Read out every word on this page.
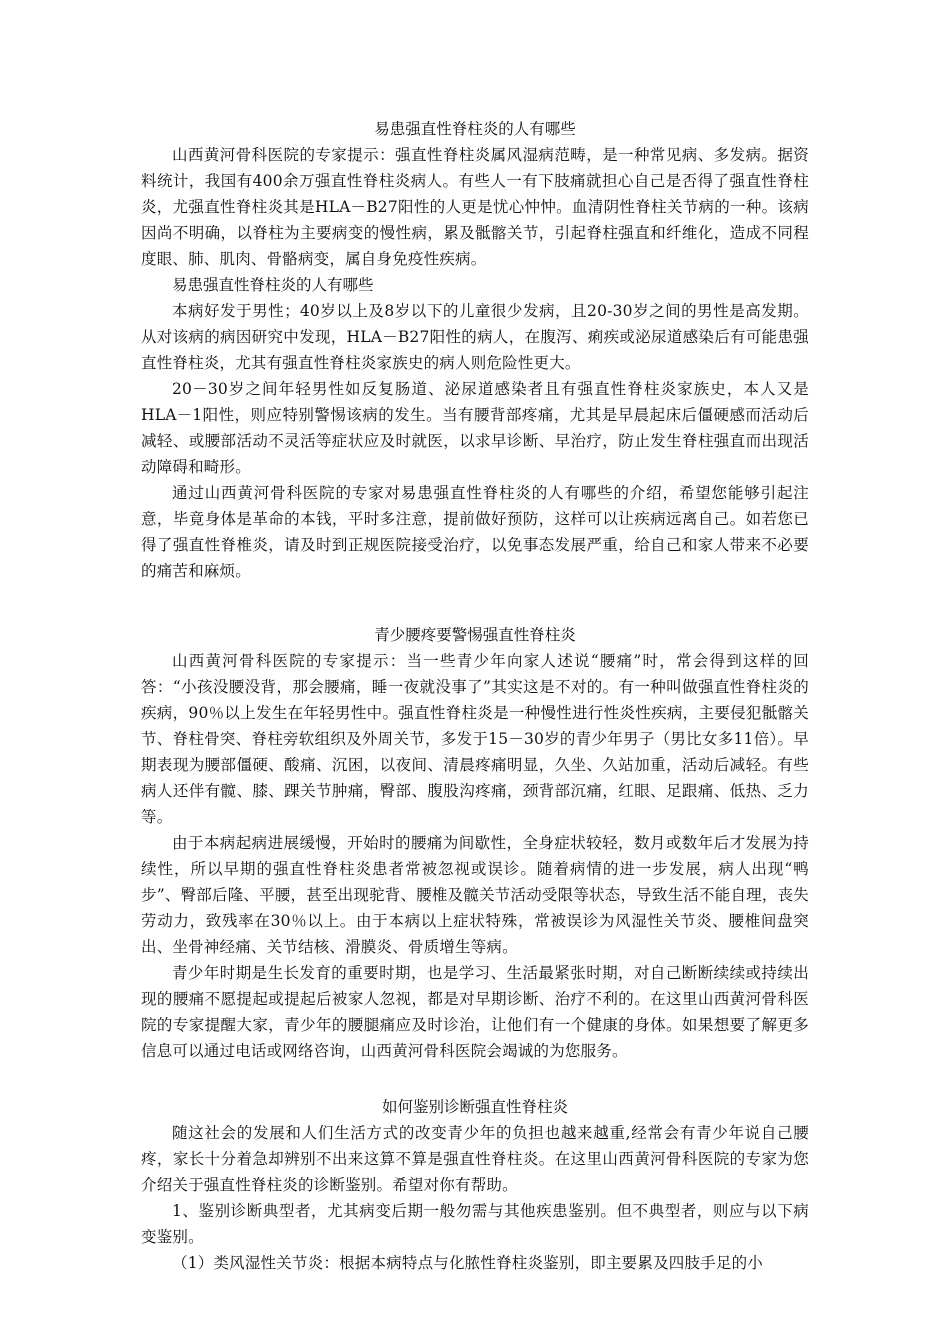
易患强直性脊柱炎的人有哪些

山西黄河骨科医院的专家提示：强直性脊柱炎属风湿病范畴，是一种常见病、多发病。据资料统计，我国有400余万强直性脊柱炎病人。有些人一有下肢痛就担心自己是否得了强直性脊柱炎，尤强直性脊柱炎其是HLA－B27阳性的人更是忧心忡忡。血清阴性脊柱关节病的一种。该病因尚不明确，以脊柱为主要病变的慢性病，累及骶髂关节，引起脊柱强直和纤维化，造成不同程度眼、肺、肌肉、骨骼病变，属自身免疫性疾病。

易患强直性脊柱炎的人有哪些

本病好发于男性；40岁以上及8岁以下的儿童很少发病，且20-30岁之间的男性是高发期。从对该病的病因研究中发现，HLA－B27阳性的病人，在腹泻、痢疾或泌尿道感染后有可能患强直性脊柱炎，尤其有强直性脊柱炎家族史的病人则危险性更大。

20－30岁之间年轻男性如反复肠道、泌尿道感染者且有强直性脊柱炎家族史，本人又是HLA－1阳性，则应特别警惕该病的发生。当有腰背部疼痛，尤其是早晨起床后僵硬感而活动后减轻、或腰部活动不灵活等症状应及时就医，以求早诊断、早治疗，防止发生脊柱强直而出现活动障碍和畸形。

通过山西黄河骨科医院的专家对易患强直性脊柱炎的人有哪些的介绍，希望您能够引起注意，毕竟身体是革命的本钱，平时多注意，提前做好预防，这样可以让疾病远离自己。如若您已得了强直性脊椎炎，请及时到正规医院接受治疗，以免事态发展严重，给自己和家人带来不必要的痛苦和麻烦。

青少腰疼要警惕强直性脊柱炎

山西黄河骨科医院的专家提示：当一些青少年向家人述说“腰痛”时，常会得到这样的回答：“小孩没腰没背，那会腰痛，睡一夜就没事了”其实这是不对的。有一种叫做强直性脊柱炎的疾病，90％以上发生在年轻男性中。强直性脊柱炎是一种慢性进行性炎性疾病，主要侵犯骶髂关节、脊柱骨突、脊柱旁软组织及外周关节，多发于15－30岁的青少年男子（男比女多11倍）。早期表现为腰部僵硬、酸痛、沉困，以夜间、清晨疼痛明显，久坐、久站加重，活动后减轻。有些病人还伴有髋、膝、踝关节肿痛，臀部、腹股沟疼痛，颈背部沉痛，红眼、足跟痛、低热、乏力等。

由于本病起病进展缓慢，开始时的腰痛为间歇性，全身症状较轻，数月或数年后才发展为持续性，所以早期的强直性脊柱炎患者常被忽视或误诊。随着病情的进一步发展，病人出现“鸭步”、臀部后隆、平腰，甚至出现驼背、腰椎及髋关节活动受限等状态，导致生活不能自理，丧失劳动力，致残率在30％以上。由于本病以上症状特殊，常被误诊为风湿性关节炎、腰椎间盘突出、坐骨神经痛、关节结核、滑膜炎、骨质增生等病。

青少年时期是生长发育的重要时期，也是学习、生活最紧张时期，对自己断断续续或持续出现的腰痛不愿提起或提起后被家人忽视，都是对早期诊断、治疗不利的。在这里山西黄河骨科医院的专家提醒大家，青少年的腰腿痛应及时诊治，让他们有一个健康的身体。如果想要了解更多信息可以通过电话或网络咨询，山西黄河骨科医院会竭诚的为您服务。

如何鉴别诊断强直性脊柱炎

随这社会的发展和人们生活方式的改变青少年的负担也越来越重,经常会有青少年说自己腰疼，家长十分着急却辨别不出来这算不算是强直性脊柱炎。在这里山西黄河骨科医院的专家为您介绍关于强直性脊柱炎的诊断鉴别。希望对你有帮助。

1、鉴别诊断典型者，尤其病变后期一般勿需与其他疾患鉴别。但不典型者，则应与以下病变鉴别。

（1）类风湿性关节炎：根据本病特点与化脓性脊柱炎鉴别，即主要累及四肢手足的小
